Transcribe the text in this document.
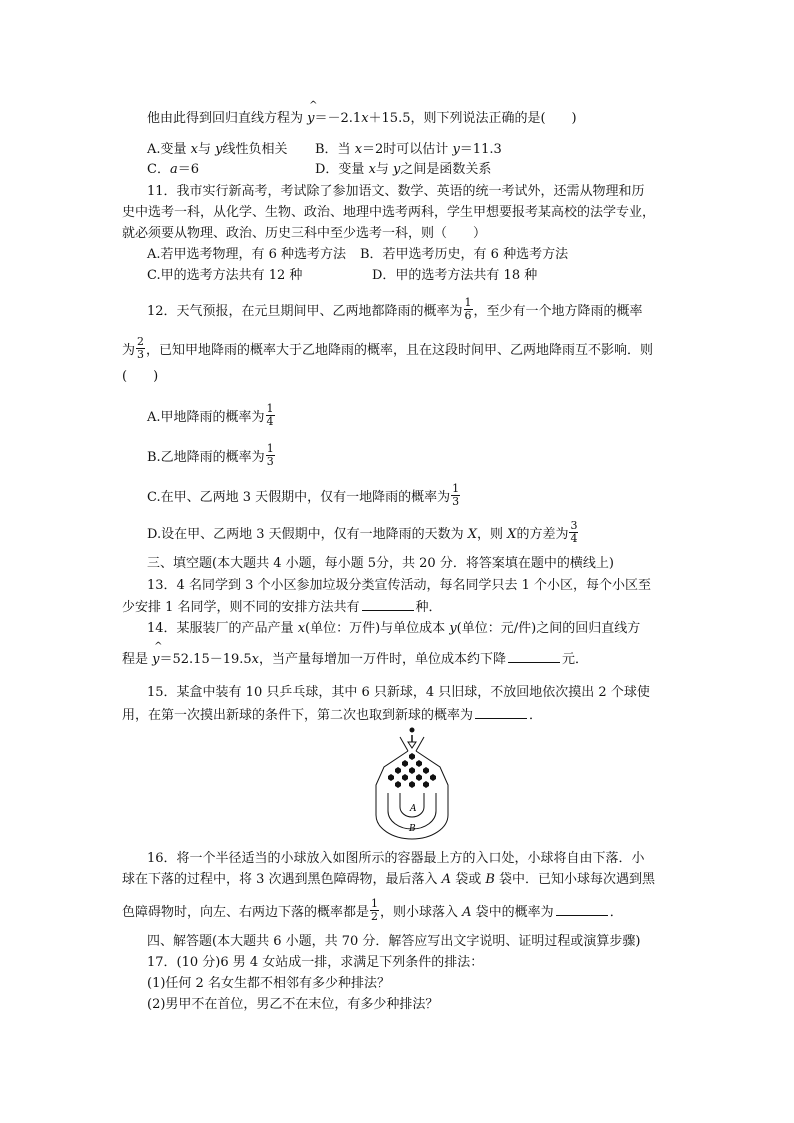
他由此得到回归直线方程为 ^ y＝－2.1x＋15.5，则下列说法正确的是(　　)
A.变量 x与 y线性负相关 B．当 x＝2时可以估计 y＝11.3
C．a＝6	D．变量 x与 y之间是函数关系
11．我市实行新高考，考试除了参加语文、数学、英语的统一考试外，还需从物理和历
史中选考一科，从化学、生物、政治、地理中选考两科，学生甲想要报考某高校的法学专业，
就必须要从物理、政治、历史三科中至少选考一科，则（　　）
A.若甲选考物理，有 6 种选考方法 B．若甲选考历史，有 6 种选考方法
C.甲的选考方法共有 12 种	D．甲的选考方法共有 18 种
12．天气预报，在元旦期间甲、乙两地都降雨的概率为 $\frac{1}{6}$ ，至少有一个地方降雨的概率
为 $\frac{2}{3}$ ，已知甲地降雨的概率大于乙地降雨的概率，且在这段时间甲、乙两地降雨互不影响．则
(　　)
A.甲地降雨的概率为 $\frac{1}{4}$
B.乙地降雨的概率为 $\frac{1}{3}$
C.在甲、乙两地 3 天假期中，仅有一地降雨的概率为 $\frac{1}{3}$
D.设在甲、乙两地 3 天假期中，仅有一地降雨的天数为 X，则 X的方差为 $\frac{3}{4}$
三、填空题(本大题共 4 小题，每小题 5分，共 20 分．将答案填在题中的横线上)
13．4 名同学到 3 个小区参加垃圾分类宣传活动，每名同学只去 1 个小区，每个小区至
少安排 1 名同学，则不同的安排方法共有	种．
14．某服装厂的产品产量 x(单位：万件)与单位成本 y(单位：元/件)之间的回归直线方
程是 ^ y＝52.15－19.5x，当产量每增加一万件时，单位成本约下降	元．
15．某盒中装有 10 只乒乓球，其中 6 只新球，4 只旧球，不放回地依次摸出 2 个球使
用，在第一次摸出新球的条件下，第二次也取到新球的概率为	．
A
B
16．将一个半径适当的小球放入如图所示的容器最上方的入口处，小球将自由下落．小
球在下落的过程中，将 3 次遇到黑色障碍物，最后落入 A 袋或 B 袋中．已知小球每次遇到黑
色障碍物时，向左、右两边下落的概率都是 $\frac{1}{2}$ ，则小球落入 A 袋中的概率为	．
四、解答题(本大题共 6 小题，共 70 分．解答应写出文字说明、证明过程或演算步骤)
17．(10 分)6 男 4 女站成一排，求满足下列条件的排法：
(1)任何 2 名女生都不相邻有多少种排法？
(2)男甲不在首位，男乙不在末位，有多少种排法？
